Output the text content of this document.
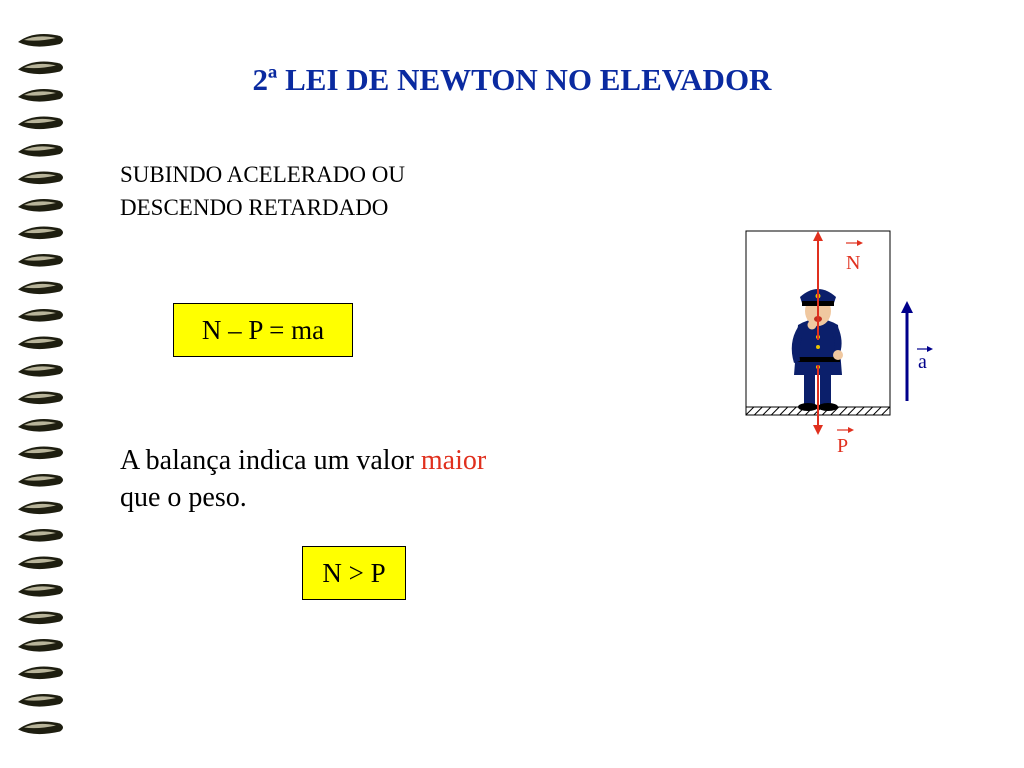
2ª LEI DE NEWTON NO ELEVADOR
SUBINDO ACELERADO OU
DESCENDO RETARDADO
N – P = ma
A balança indica um valor maior
que o peso.
N > P
N
P
a
